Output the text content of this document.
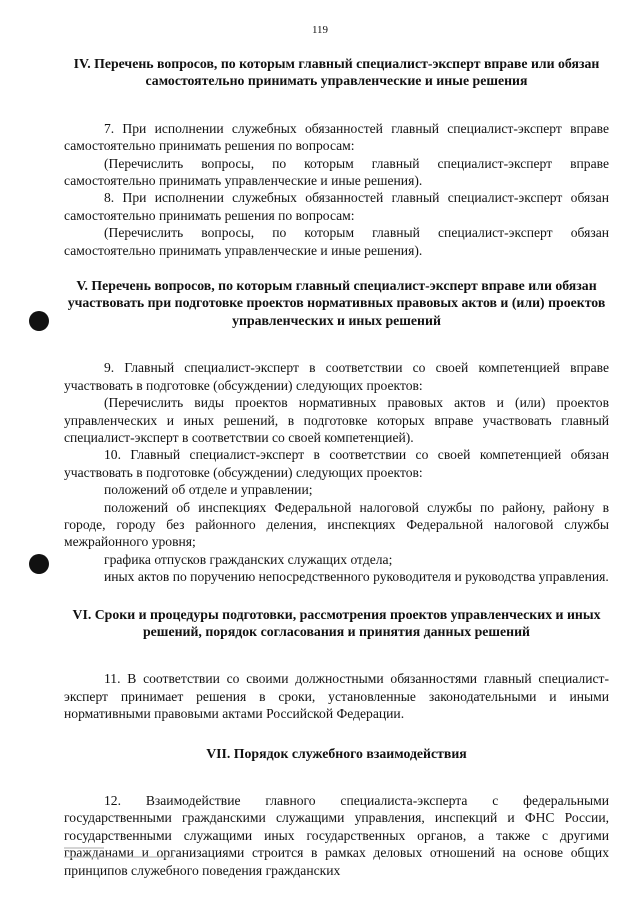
119
IV. Перечень вопросов, по которым главный специалист-эксперт вправе или обязан самостоятельно принимать управленческие и иные решения

7. При исполнении служебных обязанностей главный специалист-эксперт вправе самостоятельно принимать решения по вопросам:

(Перечислить вопросы, по которым главный специалист-эксперт вправе самостоятельно принимать управленческие и иные решения).

8. При исполнении служебных обязанностей главный специалист-эксперт обязан самостоятельно принимать решения по вопросам:

(Перечислить вопросы, по которым главный специалист-эксперт обязан самостоятельно принимать управленческие и иные решения).

V. Перечень вопросов, по которым главный специалист-эксперт вправе или обязан участвовать при подготовке проектов нормативных правовых актов и (или) проектов управленческих и иных решений

9. Главный специалист-эксперт в соответствии со своей компетенцией вправе участвовать в подготовке (обсуждении) следующих проектов:

(Перечислить виды проектов нормативных правовых актов и (или) проектов управленческих и иных решений, в подготовке которых вправе участвовать главный специалист-эксперт в соответствии со своей компетенцией).

10. Главный специалист-эксперт в соответствии со своей компетенцией обязан участвовать в подготовке (обсуждении) следующих проектов:

положений об отделе и управлении;

положений об инспекциях Федеральной налоговой службы по району, району в городе, городу без районного деления, инспекциях Федеральной налоговой службы межрайонного уровня;

графика отпусков гражданских служащих отдела;

иных актов по поручению непосредственного руководителя и руководства управления.

VI. Сроки и процедуры подготовки, рассмотрения проектов управленческих и иных решений, порядок согласования и принятия данных решений

11. В соответствии со своими должностными обязанностями главный специалист-эксперт принимает решения в сроки, установленные законодательными и иными нормативными правовыми актами Российской Федерации.

VII. Порядок служебного взаимодействия

12. Взаимодействие главного специалиста-эксперта с федеральными государственными гражданскими служащими управления, инспекций и ФНС России, государственными служащими иных государственных органов, а также с другими гражданами и организациями строится в рамках деловых отношений на основе общих принципов служебного поведения гражданских
